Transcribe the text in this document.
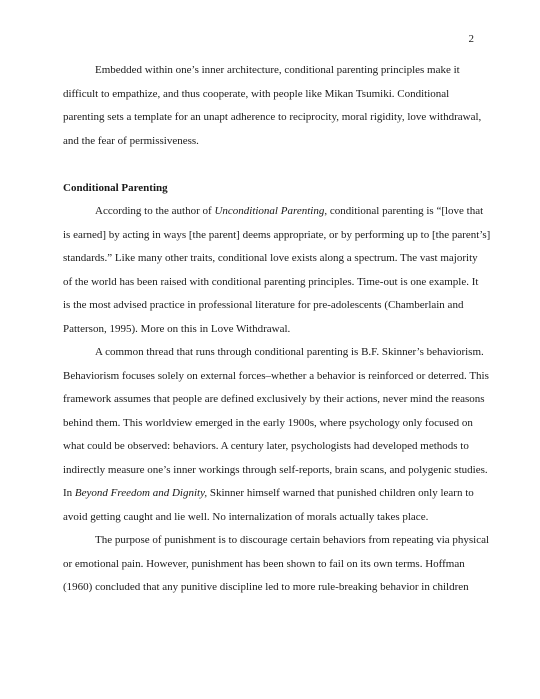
2
Embedded within one’s inner architecture, conditional parenting principles make it
difficult to empathize, and thus cooperate, with people like Mikan Tsumiki. Conditional
parenting sets a template for an unapt adherence to reciprocity, moral rigidity, love withdrawal,
and the fear of permissiveness.
Conditional Parenting
According to the author of Unconditional Parenting, conditional parenting is “[love that
is earned] by acting in ways [the parent] deems appropriate, or by performing up to [the parent’s]
standards.” Like many other traits, conditional love exists along a spectrum. The vast majority
of the world has been raised with conditional parenting principles. Time-out is one example. It
is the most advised practice in professional literature for pre-adolescents (Chamberlain and
Patterson, 1995). More on this in Love Withdrawal.
A common thread that runs through conditional parenting is B.F. Skinner’s behaviorism.
Behaviorism focuses solely on external forces–whether a behavior is reinforced or deterred. This
framework assumes that people are defined exclusively by their actions, never mind the reasons
behind them. This worldview emerged in the early 1900s, where psychology only focused on
what could be observed: behaviors. A century later, psychologists had developed methods to
indirectly measure one’s inner workings through self-reports, brain scans, and polygenic studies.
In Beyond Freedom and Dignity, Skinner himself warned that punished children only learn to
avoid getting caught and lie well. No internalization of morals actually takes place.
The purpose of punishment is to discourage certain behaviors from repeating via physical
or emotional pain. However, punishment has been shown to fail on its own terms. Hoffman
(1960) concluded that any punitive discipline led to more rule-breaking behavior in children
